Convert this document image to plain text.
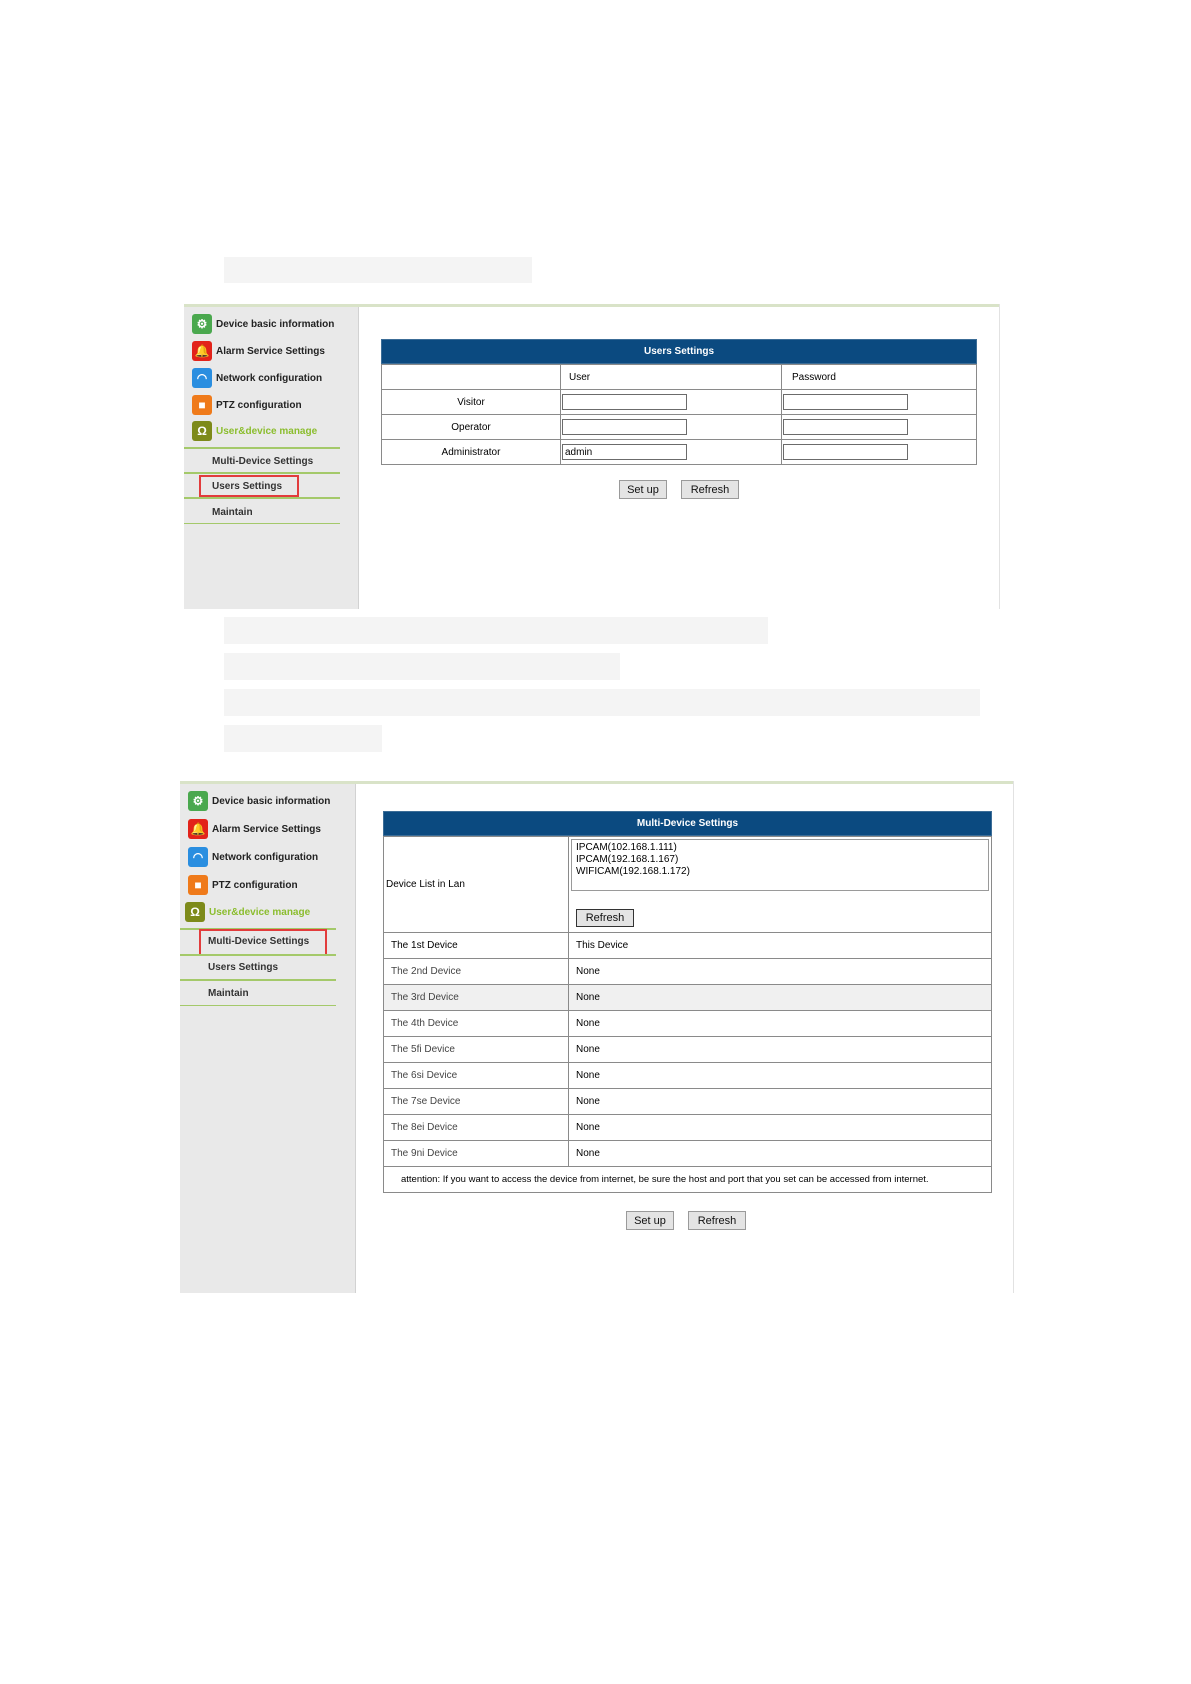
⚙ Device basic information
🔔 Alarm Service Settings
◠ Network configuration
■	PTZ configuration
Ω User&device manage
Multi-Device Settings
Users Settings
Maintain
Users Settings
	User	Password
Visitor		
Operator		
Administrator	admin	
Set up	Refresh
⚙ Device basic information
🔔 Alarm Service Settings
◠ Network configuration
■	PTZ configuration
Ω User&device manage
Multi-Device Settings
Users Settings
Maintain
Multi-Device Settings
Device List in Lan	IPCAM(102.168.1.111)
IPCAM(192.168.1.167)
WIFICAM(192.168.1.172)
Refresh

The 1st Device	This Device
The 2nd Device	None
The 3rd Device	None
The 4th Device	None
The 5fi Device	None
The 6si Device	None
The 7se Device	None
The 8ei Device	None
The 9ni Device	None
attention: If you want to access the device from internet, be sure the host and port that you set can be accessed from internet.	
Set up	Refresh
